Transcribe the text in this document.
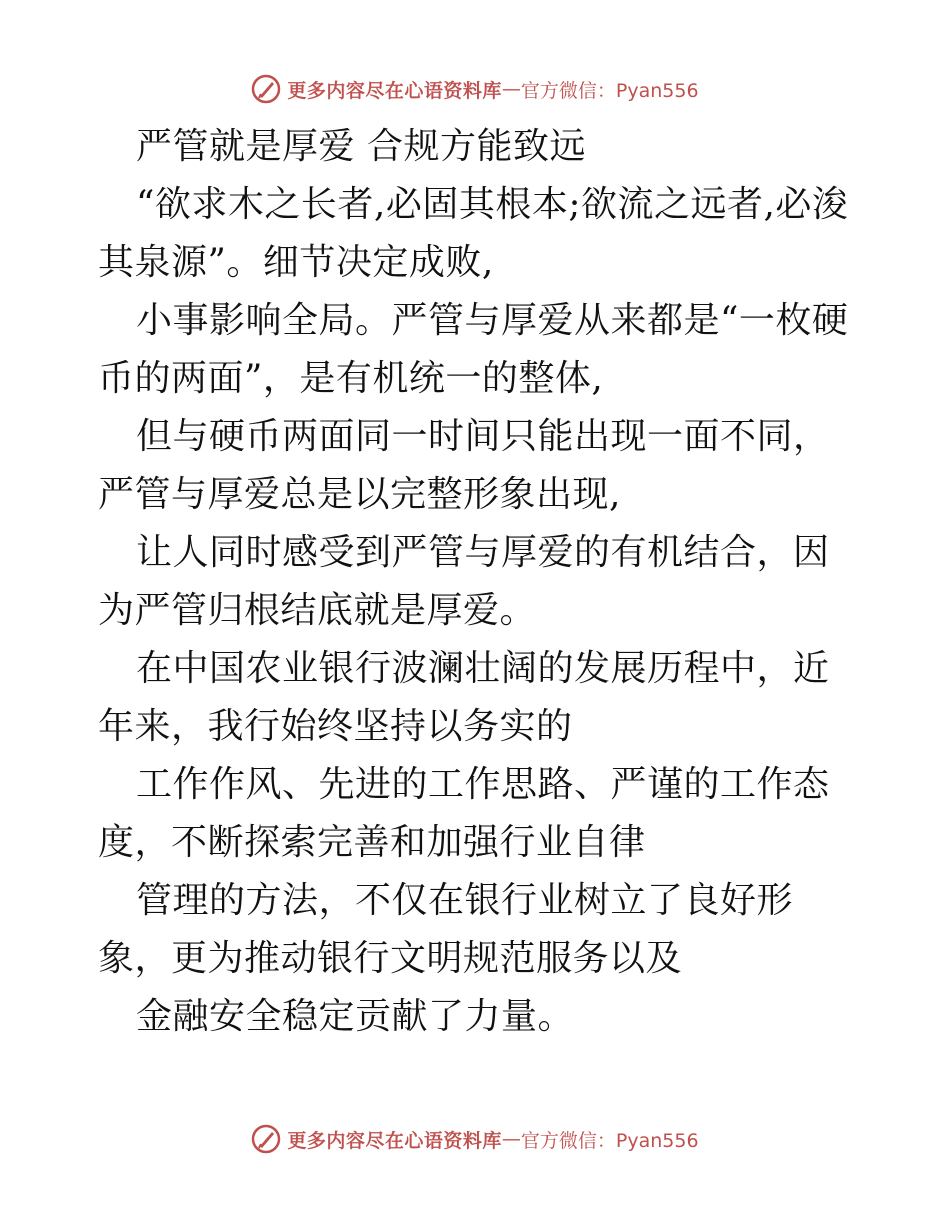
更多内容尽在心语资料库 — 官方微信：Pyan556

严管就是厚爱 合规方能致远

“欲求木之长者,必固其根本;欲流之远者,必浚其泉源”。细节决定成败,

小事影响全局。严管与厚爱从来都是“一枚硬币的两面”，是有机统一的整体,

但与硬币两面同一时间只能出现一面不同，严管与厚爱总是以完整形象出现,

让人同时感受到严管与厚爱的有机结合，因为严管归根结底就是厚爱。

在中国农业银行波澜壮阔的发展历程中，近年来，我行始终坚持以务实的

工作作风、先进的工作思路、严谨的工作态度，不断探索完善和加强行业自律

管理的方法，不仅在银行业树立了良好形象，更为推动银行文明规范服务以及

金融安全稳定贡献了力量。

更多内容尽在心语资料库 — 官方微信：Pyan556
